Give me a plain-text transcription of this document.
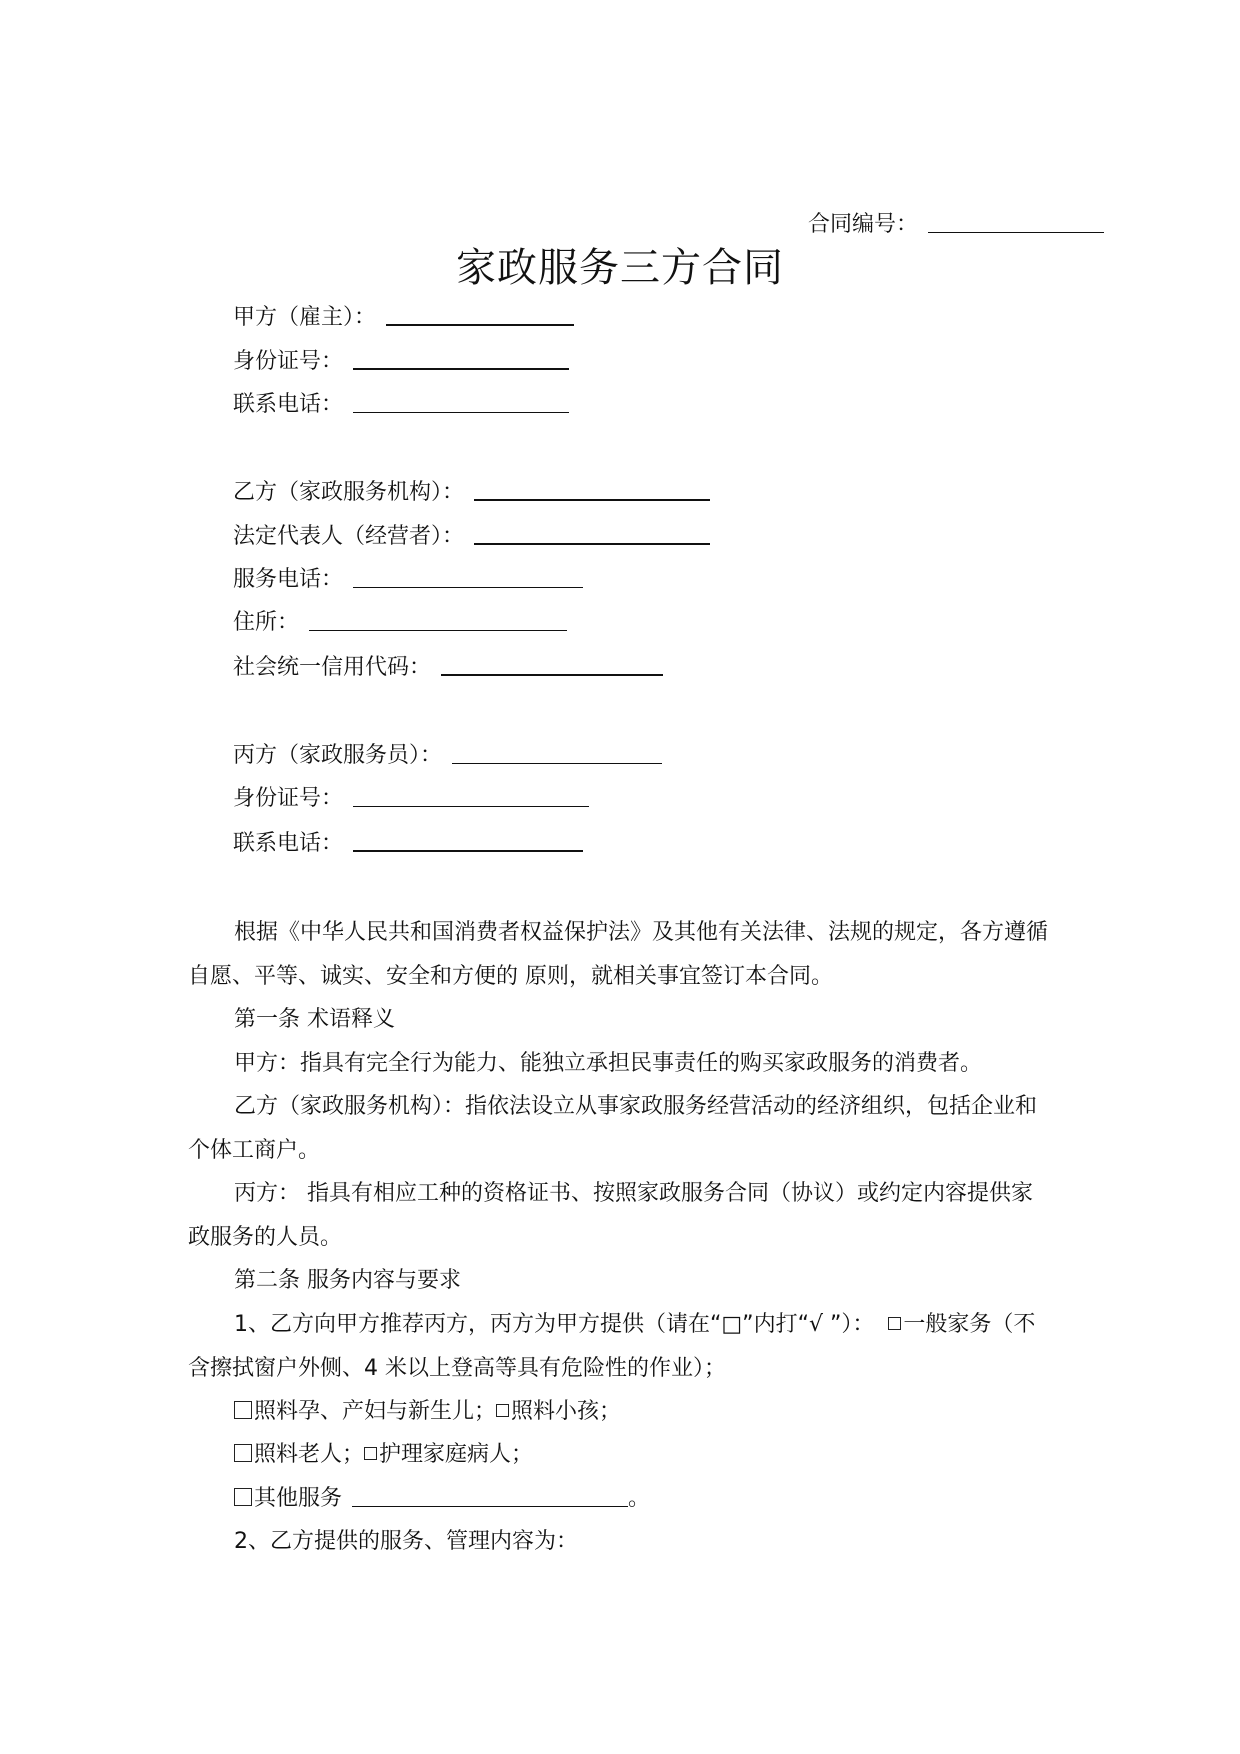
合同编号：
家政服务三方合同
甲方（雇主）：
身份证号：
联系电话：
乙方（家政服务机构）：
法定代表人（经营者）：
服务电话：
住所：
社会统一信用代码：
丙方（家政服务员）：
身份证号：
联系电话：
根据《中华人民共和国消费者权益保护法》及其他有关法律、法规的规定，各方遵循自愿、平等、诚实、安全和方便的 原则，就相关事宜签订本合同。
第一条 术语释义
甲方：指具有完全行为能力、能独立承担民事责任的购买家政服务的消费者。
乙方（家政服务机构）：指依法设立从事家政服务经营活动的经济组织，包括企业和个体工商户。
丙方： 指具有相应工种的资格证书、按照家政服务合同（协议）或约定内容提供家政服务的人员。
第二条 服务内容与要求
1、乙方向甲方推荐丙方，丙方为甲方提供（请在“□”内打“√ ”）： 一般家务（不含擦拭窗户外侧、4 米以上登高等具有危险性的作业）；
照料孕、产妇与新生儿； 照料小孩；
照料老人； 护理家庭病人；
其他服务	。
2、乙方提供的服务、管理内容为：
